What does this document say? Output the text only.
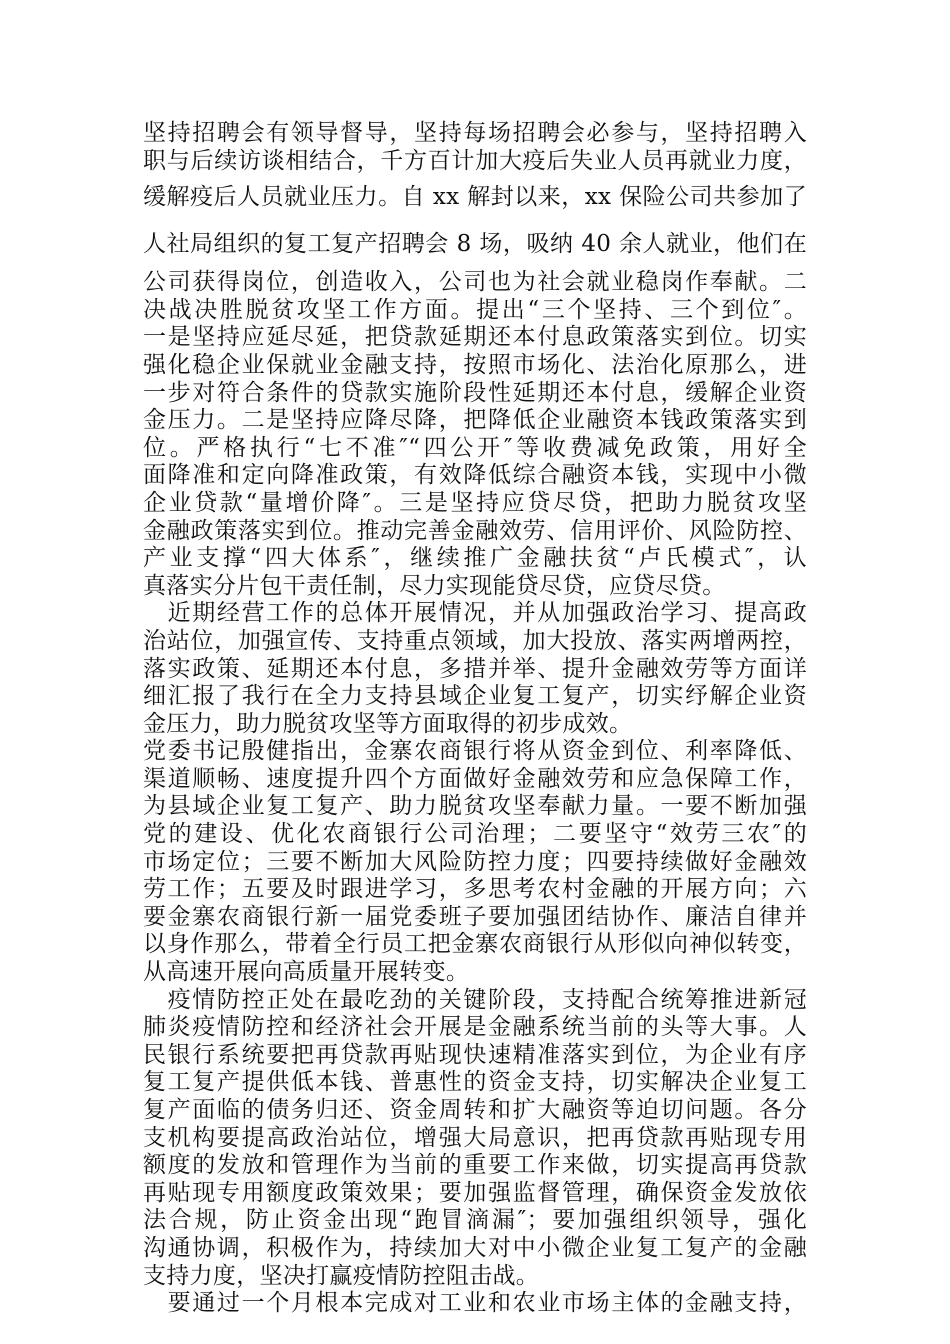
坚持招聘会有领导督导，坚持每场招聘会必参与，坚持招聘入
职与后续访谈相结合，千方百计加大疫后失业人员再就业力度，
缓解疫后人员就业压力。自 xx 解封以来，xx 保险公司共参加了
人社局组织的复工复产招聘会 8 场，吸纳 40 余人就业，他们在
公司获得岗位，创造收入，公司也为社会就业稳岗作奉献。二
决战决胜脱贫攻坚工作方面。提出“三个坚持、三个到位″。
一是坚持应延尽延，把贷款延期还本付息政策落实到位。切实
强化稳企业保就业金融支持，按照市场化、法治化原那么，进
一步对符合条件的贷款实施阶段性延期还本付息，缓解企业资
金压力。二是坚持应降尽降，把降低企业融资本钱政策落实到
位。严格执行“七不准″“四公开″等收费减免政策，用好全
面降准和定向降准政策，有效降低综合融资本钱，实现中小微
企业贷款“量增价降″。三是坚持应贷尽贷，把助力脱贫攻坚
金融政策落实到位。推动完善金融效劳、信用评价、风险防控、
产业支撑“四大体系″，继续推广金融扶贫“卢氏模式″，认
真落实分片包干责任制，尽力实现能贷尽贷，应贷尽贷。
　近期经营工作的总体开展情况，并从加强政治学习、提高政
治站位，加强宣传、支持重点领域，加大投放、落实两增两控，
落实政策、延期还本付息，多措并举、提升金融效劳等方面详
细汇报了我行在全力支持县域企业复工复产，切实纾解企业资
金压力，助力脱贫攻坚等方面取得的初步成效。
党委书记殷健指出，金寨农商银行将从资金到位、利率降低、
渠道顺畅、速度提升四个方面做好金融效劳和应急保障工作，
为县域企业复工复产、助力脱贫攻坚奉献力量。一要不断加强
党的建设、优化农商银行公司治理；二要坚守“效劳三农″的
市场定位；三要不断加大风险防控力度；四要持续做好金融效
劳工作；五要及时跟进学习，多思考农村金融的开展方向；六
要金寨农商银行新一届党委班子要加强团结协作、廉洁自律并
以身作那么，带着全行员工把金寨农商银行从形似向神似转变，
从高速开展向高质量开展转变。
　疫情防控正处在最吃劲的关键阶段，支持配合统筹推进新冠
肺炎疫情防控和经济社会开展是金融系统当前的头等大事。人
民银行系统要把再贷款再贴现快速精准落实到位，为企业有序
复工复产提供低本钱、普惠性的资金支持，切实解决企业复工
复产面临的债务归还、资金周转和扩大融资等迫切问题。各分
支机构要提高政治站位，增强大局意识，把再贷款再贴现专用
额度的发放和管理作为当前的重要工作来做，切实提高再贷款
再贴现专用额度政策效果；要加强监督管理，确保资金发放依
法合规，防止资金出现“跑冒滴漏″；要加强组织领导，强化
沟通协调，积极作为，持续加大对中小微企业复工复产的金融
支持力度，坚决打赢疫情防控阻击战。
　要通过一个月根本完成对工业和农业市场主体的金融支持，
